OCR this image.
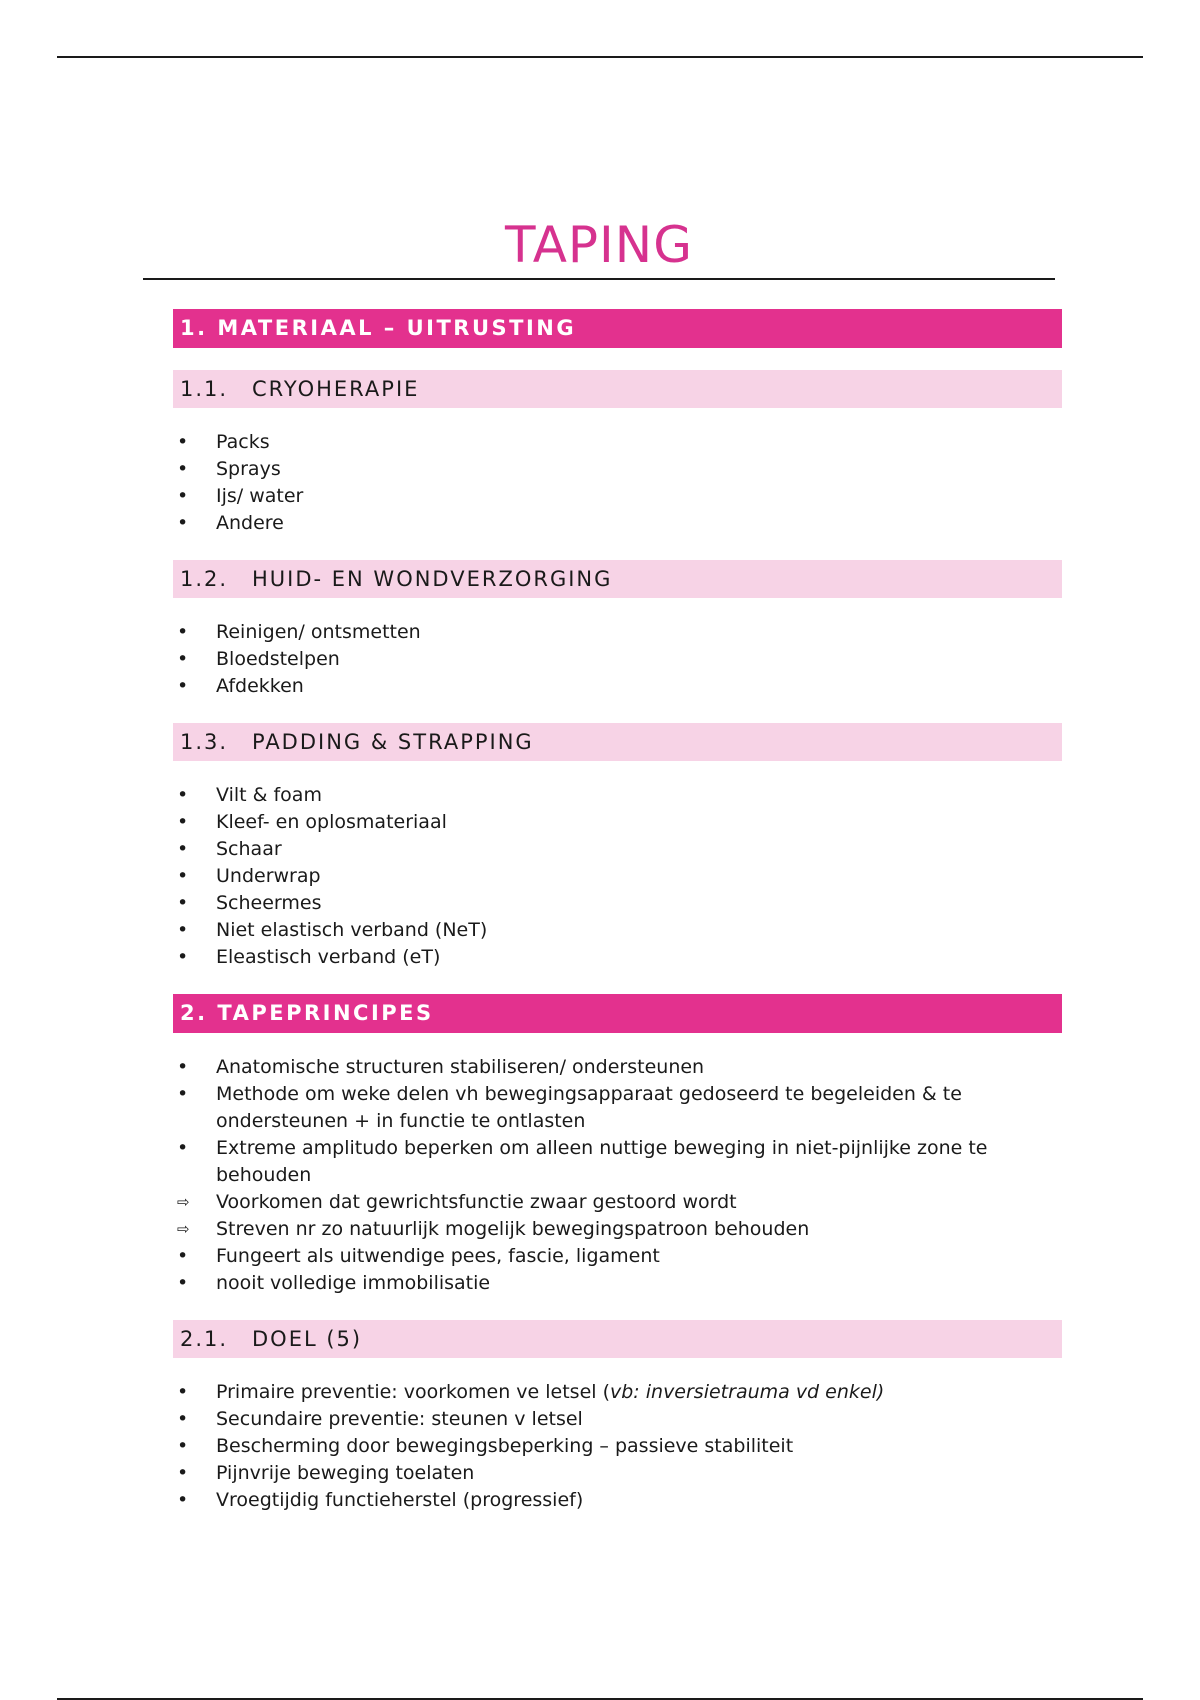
TAPING
1. MATERIAAL – UITRUSTING
1.1. CRYOHERAPIE
•	Packs
•	Sprays
•	Ijs/ water
•	Andere
1.2. HUID- EN WONDVERZORGING
•	Reinigen/ ontsmetten
•	Bloedstelpen
•	Afdekken
1.3. PADDING & STRAPPING
•	Vilt & foam
•	Kleef- en oplosmateriaal
•	Schaar
•	Underwrap
•	Scheermes
•	Niet elastisch verband (NeT)
•	Eleastisch verband (eT)
2. TAPEPRINCIPES
•	Anatomische structuren stabiliseren/ ondersteunen
•	Methode om weke delen vh bewegingsapparaat gedoseerd te begeleiden & te ondersteunen + in functie te ontlasten
•	Extreme amplitudo beperken om alleen nuttige beweging in niet-pijnlijke zone te behouden
⇨	Voorkomen dat gewrichtsfunctie zwaar gestoord wordt
⇨	Streven nr zo natuurlijk mogelijk bewegingspatroon behouden
•	Fungeert als uitwendige pees, fascie, ligament
•	nooit volledige immobilisatie
2.1. DOEL (5)
•	Primaire preventie: voorkomen ve letsel (vb: inversietrauma vd enkel)
•	Secundaire preventie: steunen v letsel
•	Bescherming door bewegingsbeperking – passieve stabiliteit
•	Pijnvrije beweging toelaten
•	Vroegtijdig functieherstel (progressief)
